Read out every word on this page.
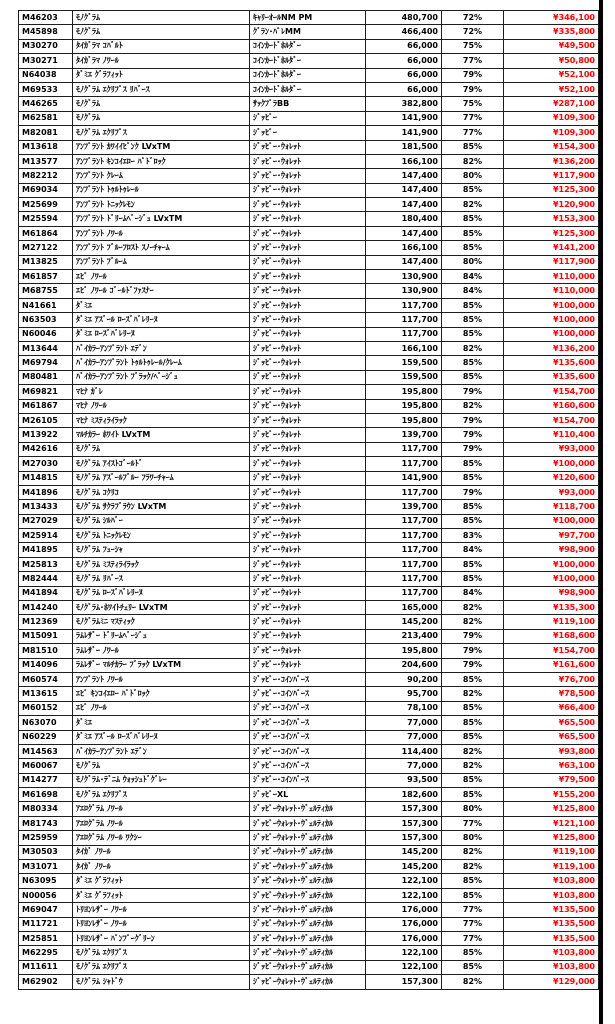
M46203	ﾓﾉｸﾞﾗﾑ	ｷｬﾘｰｵｰﾙNM PM	480,700	72%	¥346,100
M45898	ﾓﾉｸﾞﾗﾑ	ｸﾞﾗﾝ･ﾊﾟﾚMM	466,400	72%	¥335,800
M30270	ﾀｲｶﾞﾗﾏ ｺﾊﾞﾙﾄ	ｺｲﾝｶｰﾄﾞﾎﾙﾀﾞｰ	66,000	75%	¥49,500
M30271	ﾀｲｶﾞﾗﾏ ﾉﾜｰﾙ	ｺｲﾝｶｰﾄﾞﾎﾙﾀﾞｰ	66,000	77%	¥50,800
N64038	ﾀﾞﾐｴ ｸﾞﾗﾌｨｯﾄ	ｺｲﾝｶｰﾄﾞﾎﾙﾀﾞｰ	66,000	79%	¥52,100
M69533	ﾓﾉｸﾞﾗﾑ ｴｸﾘﾌﾟｽ ﾘﾊﾞｰｽ	ｺｲﾝｶｰﾄﾞﾎﾙﾀﾞｰ	66,000	79%	¥52,100
M46265	ﾓﾉｸﾞﾗﾑ	ｻｯｸﾌﾟﾗBB	382,800	75%	¥287,100
M62581	ﾓﾉｸﾞﾗﾑ	ｼﾞｯﾋﾟｰ	141,900	77%	¥109,300
M82081	ﾓﾉｸﾞﾗﾑ ｴｸﾘﾌﾟｽ	ｼﾞｯﾋﾟｰ	141,900	77%	¥109,300
M13618	ｱﾝﾌﾟﾗﾝﾄ ｶﾜｲｲﾋﾟﾝｸ LVxTM	ｼﾞｯﾋﾟｰ･ｳｫﾚｯﾄ	181,500	85%	¥154,300
M13577	ｱﾝﾌﾟﾗﾝﾄ ｷﾝｺｲｴﾛｰ ﾊﾟﾄﾞﾛｯｸ	ｼﾞｯﾋﾟｰ･ｳｫﾚｯﾄ	166,100	82%	¥136,200
M82212	ｱﾝﾌﾟﾗﾝﾄ ｸﾚｰﾑ	ｼﾞｯﾋﾟｰ･ｳｫﾚｯﾄ	147,400	80%	¥117,900
M69034	ｱﾝﾌﾟﾗﾝﾄ ﾄｩﾙﾄｩﾚｰﾙ	ｼﾞｯﾋﾟｰ･ｳｫﾚｯﾄ	147,400	85%	¥125,300
M25699	ｱﾝﾌﾟﾗﾝﾄ ﾄﾆｯｸﾚﾓﾝ	ｼﾞｯﾋﾟｰ･ｳｫﾚｯﾄ	147,400	82%	¥120,900
M25594	ｱﾝﾌﾟﾗﾝﾄ ﾄﾞﾘｰﾑﾍﾞｰｼﾞｭ LVxTM	ｼﾞｯﾋﾟｰ･ｳｫﾚｯﾄ	180,400	85%	¥153,300
M61864	ｱﾝﾌﾟﾗﾝﾄ ﾉﾜｰﾙ	ｼﾞｯﾋﾟｰ･ｳｫﾚｯﾄ	147,400	85%	¥125,300
M27122	ｱﾝﾌﾟﾗﾝﾄ ﾌﾞﾙｰﾌﾛｽﾄ ｽﾉｰﾁｬｰﾑ	ｼﾞｯﾋﾟｰ･ｳｫﾚｯﾄ	166,100	85%	¥141,200
M13825	ｱﾝﾌﾟﾗﾝﾄ ﾌﾞﾙｰﾑ	ｼﾞｯﾋﾟｰ･ｳｫﾚｯﾄ	147,400	80%	¥117,900
M61857	ｴﾋﾟ ﾉﾜｰﾙ	ｼﾞｯﾋﾟｰ･ｳｫﾚｯﾄ	130,900	84%	¥110,000
M68755	ｴﾋﾟ ﾉﾜｰﾙ ｺﾞｰﾙﾄﾞﾌｧｽﾅｰ	ｼﾞｯﾋﾟｰ･ｳｫﾚｯﾄ	130,900	84%	¥110,000
N41661	ﾀﾞﾐｴ	ｼﾞｯﾋﾟｰ･ｳｫﾚｯﾄ	117,700	85%	¥100,000
N63503	ﾀﾞﾐｴ ｱｽﾞｰﾙ ﾛｰｽﾞﾊﾞﾚﾘｰﾇ	ｼﾞｯﾋﾟｰ･ｳｫﾚｯﾄ	117,700	85%	¥100,000
N60046	ﾀﾞﾐｴ ﾛｰｽﾞﾊﾞﾚﾘｰﾇ	ｼﾞｯﾋﾟｰ･ｳｫﾚｯﾄ	117,700	85%	¥100,000
M13644	ﾊﾞｲｶﾗｰｱﾝﾌﾟﾗﾝﾄ ｴﾃﾞﾝ	ｼﾞｯﾋﾟｰ･ｳｫﾚｯﾄ	166,100	82%	¥136,200
M69794	ﾊﾞｲｶﾗｰｱﾝﾌﾟﾗﾝﾄ ﾄｩﾙﾄｩﾚｰﾙ/ｸﾚｰﾑ	ｼﾞｯﾋﾟｰ･ｳｫﾚｯﾄ	159,500	85%	¥135,600
M80481	ﾊﾞｲｶﾗｰｱﾝﾌﾟﾗﾝﾄ ﾌﾞﾗｯｸ/ﾍﾞｰｼﾞｭ	ｼﾞｯﾋﾟｰ･ｳｫﾚｯﾄ	159,500	85%	¥135,600
M69821	ﾏﾋﾅ ｶﾞﾚ	ｼﾞｯﾋﾟｰ･ｳｫﾚｯﾄ	195,800	79%	¥154,700
M61867	ﾏﾋﾅ ﾉﾜｰﾙ	ｼﾞｯﾋﾟｰ･ｳｫﾚｯﾄ	195,800	82%	¥160,600
M26105	ﾏﾋﾅ ﾐｽﾃｨﾗｲﾗｯｸ	ｼﾞｯﾋﾟｰ･ｳｫﾚｯﾄ	195,800	79%	¥154,700
M13922	ﾏﾙﾁｶﾗｰ ﾎﾜｲﾄ LVxTM	ｼﾞｯﾋﾟｰ･ｳｫﾚｯﾄ	139,700	79%	¥110,400
M42616	ﾓﾉｸﾞﾗﾑ	ｼﾞｯﾋﾟｰ･ｳｫﾚｯﾄ	117,700	79%	¥93,000
M27030	ﾓﾉｸﾞﾗﾑ ｱｲｽﾄｺﾞｰﾙﾄﾞ	ｼﾞｯﾋﾟｰ･ｳｫﾚｯﾄ	117,700	85%	¥100,000
M14815	ﾓﾉｸﾞﾗﾑ ｱｽﾞｰﾙﾌﾞﾙｰ ﾌﾗﾜｰﾁｬｰﾑ	ｼﾞｯﾋﾟｰ･ｳｫﾚｯﾄ	141,900	85%	¥120,600
M41896	ﾓﾉｸﾞﾗﾑ ｺｸﾘｺ	ｼﾞｯﾋﾟｰ･ｳｫﾚｯﾄ	117,700	79%	¥93,000
M13433	ﾓﾉｸﾞﾗﾑ ｻｸﾗﾌﾞﾗｳﾝ LVxTM	ｼﾞｯﾋﾟｰ･ｳｫﾚｯﾄ	139,700	85%	¥118,700
M27029	ﾓﾉｸﾞﾗﾑ ｼﾙﾊﾞｰ	ｼﾞｯﾋﾟｰ･ｳｫﾚｯﾄ	117,700	85%	¥100,000
M25914	ﾓﾉｸﾞﾗﾑ ﾄﾆｯｸﾚﾓﾝ	ｼﾞｯﾋﾟｰ･ｳｫﾚｯﾄ	117,700	83%	¥97,700
M41895	ﾓﾉｸﾞﾗﾑ ﾌｭｰｼｬ	ｼﾞｯﾋﾟｰ･ｳｫﾚｯﾄ	117,700	84%	¥98,900
M25813	ﾓﾉｸﾞﾗﾑ ﾐｽﾃｨﾗｲﾗｯｸ	ｼﾞｯﾋﾟｰ･ｳｫﾚｯﾄ	117,700	85%	¥100,000
M82444	ﾓﾉｸﾞﾗﾑ ﾘﾊﾞｰｽ	ｼﾞｯﾋﾟｰ･ｳｫﾚｯﾄ	117,700	85%	¥100,000
M41894	ﾓﾉｸﾞﾗﾑ ﾛｰｽﾞﾊﾞﾚﾘｰﾇ	ｼﾞｯﾋﾟｰ･ｳｫﾚｯﾄ	117,700	84%	¥98,900
M14240	ﾓﾉｸﾞﾗﾑ･ﾎﾜｲﾄﾁｪﾘｰ LVxTM	ｼﾞｯﾋﾟｰ･ｳｫﾚｯﾄ	165,000	82%	¥135,300
M12369	ﾓﾉｸﾞﾗﾑﾐﾆ ﾏｽﾃｨｯｸ	ｼﾞｯﾋﾟｰ･ｳｫﾚｯﾄ	145,200	82%	¥119,100
M15091	ﾗﾑﾚｻﾞｰ ﾄﾞﾘｰﾑﾍﾞｰｼﾞｭ	ｼﾞｯﾋﾟｰ･ｳｫﾚｯﾄ	213,400	79%	¥168,600
M81510	ﾗﾑﾚｻﾞｰ ﾉﾜｰﾙ	ｼﾞｯﾋﾟｰ･ｳｫﾚｯﾄ	195,800	79%	¥154,700
M14096	ﾗﾑﾚｻﾞｰ ﾏﾙﾁｶﾗｰ ﾌﾞﾗｯｸ LVxTM	ｼﾞｯﾋﾟｰ･ｳｫﾚｯﾄ	204,600	79%	¥161,600
M60574	ｱﾝﾌﾟﾗﾝﾄ ﾉﾜｰﾙ	ｼﾞｯﾋﾟｰ･ｺｲﾝﾊﾟｰｽ	90,200	85%	¥76,700
M13615	ｴﾋﾟ ｷﾝｺｲｴﾛｰ ﾊﾟﾄﾞﾛｯｸ	ｼﾞｯﾋﾟｰ･ｺｲﾝﾊﾟｰｽ	95,700	82%	¥78,500
M60152	ｴﾋﾟ ﾉﾜｰﾙ	ｼﾞｯﾋﾟｰ･ｺｲﾝﾊﾟｰｽ	78,100	85%	¥66,400
N63070	ﾀﾞﾐｴ	ｼﾞｯﾋﾟｰ･ｺｲﾝﾊﾟｰｽ	77,000	85%	¥65,500
N60229	ﾀﾞﾐｴ ｱｽﾞｰﾙ ﾛｰｽﾞﾊﾞﾚﾘｰﾇ	ｼﾞｯﾋﾟｰ･ｺｲﾝﾊﾟｰｽ	77,000	85%	¥65,500
M14563	ﾊﾞｲｶﾗｰｱﾝﾌﾟﾗﾝﾄ ｴﾃﾞﾝ	ｼﾞｯﾋﾟｰ･ｺｲﾝﾊﾟｰｽ	114,400	82%	¥93,800
M60067	ﾓﾉｸﾞﾗﾑ	ｼﾞｯﾋﾟｰ･ｺｲﾝﾊﾟｰｽ	77,000	82%	¥63,100
M14277	ﾓﾉｸﾞﾗﾑ･ﾃﾞﾆﾑ ｳｫｯｼｭﾄﾞｸﾞﾚｰ	ｼﾞｯﾋﾟｰ･ｺｲﾝﾊﾟｰｽ	93,500	85%	¥79,500
M61698	ﾓﾉｸﾞﾗﾑ ｴｸﾘﾌﾟｽ	ｼﾞｯﾋﾟｰXL	182,600	85%	¥155,200
M80334	ｱｴﾛｸﾞﾗﾑ ﾉﾜｰﾙ	ｼﾞｯﾋﾟｰｳｫﾚｯﾄ･ｳﾞｪﾙﾃｨｶﾙ	157,300	80%	¥125,800
M81743	ｱｴﾛｸﾞﾗﾑ ﾉﾜｰﾙ	ｼﾞｯﾋﾟｰｳｫﾚｯﾄ･ｳﾞｪﾙﾃｨｶﾙ	157,300	77%	¥121,100
M25959	ｱｴﾛｸﾞﾗﾑ ﾉﾜｰﾙ ﾜｸｼｰ	ｼﾞｯﾋﾟｰｳｫﾚｯﾄ･ｳﾞｪﾙﾃｨｶﾙ	157,300	80%	¥125,800
M30503	ﾀｲｶﾞ ﾉﾜｰﾙ	ｼﾞｯﾋﾟｰｳｫﾚｯﾄ･ｳﾞｪﾙﾃｨｶﾙ	145,200	82%	¥119,100
M31071	ﾀｲｶﾞ ﾉﾜｰﾙ	ｼﾞｯﾋﾟｰｳｫﾚｯﾄ･ｳﾞｪﾙﾃｨｶﾙ	145,200	82%	¥119,100
N63095	ﾀﾞﾐｴ ｸﾞﾗﾌｨｯﾄ	ｼﾞｯﾋﾟｰｳｫﾚｯﾄ･ｳﾞｪﾙﾃｨｶﾙ	122,100	85%	¥103,800
N00056	ﾀﾞﾐｴ ｸﾞﾗﾌｨｯﾄ	ｼﾞｯﾋﾟｰｳｫﾚｯﾄ･ｳﾞｪﾙﾃｨｶﾙ	122,100	85%	¥103,800
M69047	ﾄﾘﾖﾝﾚｻﾞｰ ﾉﾜｰﾙ	ｼﾞｯﾋﾟｰｳｫﾚｯﾄ･ｳﾞｪﾙﾃｨｶﾙ	176,000	77%	¥135,500
M11721	ﾄﾘﾖﾝﾚｻﾞｰ ﾉﾜｰﾙ	ｼﾞｯﾋﾟｰｳｫﾚｯﾄ･ｳﾞｪﾙﾃｨｶﾙ	176,000	77%	¥135,500
M25851	ﾄﾘﾖﾝﾚｻﾞｰ ﾊﾟﾝﾌﾟｰｸﾞﾘｰﾝ	ｼﾞｯﾋﾟｰｳｫﾚｯﾄ･ｳﾞｪﾙﾃｨｶﾙ	176,000	77%	¥135,500
M62295	ﾓﾉｸﾞﾗﾑ ｴｸﾘﾌﾟｽ	ｼﾞｯﾋﾟｰｳｫﾚｯﾄ･ｳﾞｪﾙﾃｨｶﾙ	122,100	85%	¥103,800
M11611	ﾓﾉｸﾞﾗﾑ ｴｸﾘﾌﾟｽ	ｼﾞｯﾋﾟｰｳｫﾚｯﾄ･ｳﾞｪﾙﾃｨｶﾙ	122,100	85%	¥103,800
M62902	ﾓﾉｸﾞﾗﾑ ｼｬﾄﾞｳ	ｼﾞｯﾋﾟｰｳｫﾚｯﾄ･ｳﾞｪﾙﾃｨｶﾙ	157,300	82%	¥129,000
